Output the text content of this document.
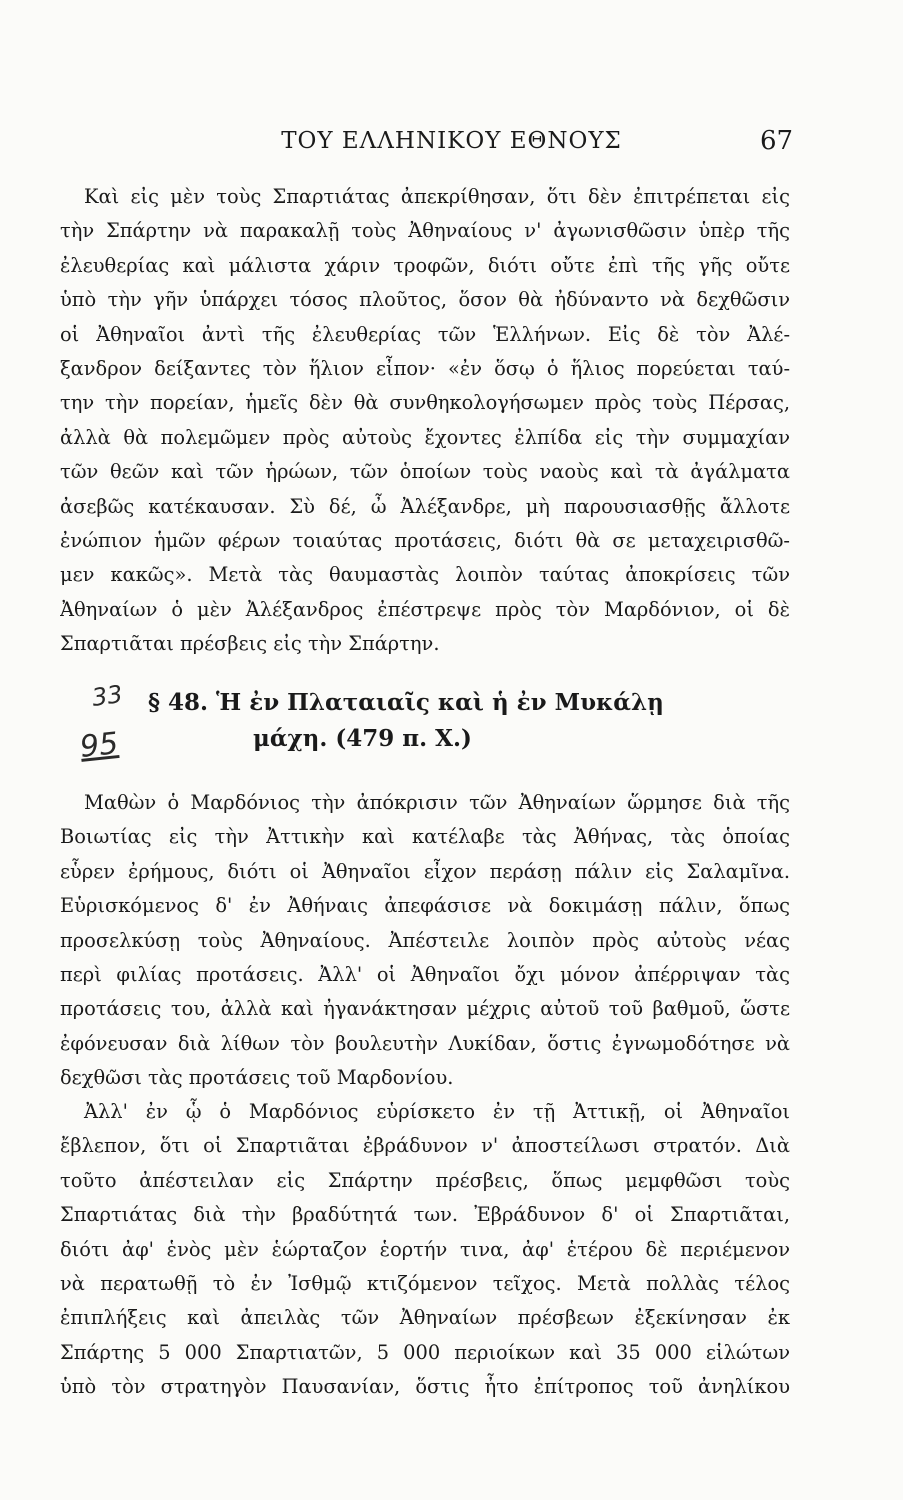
ΤΟΥ ΕΛΛΗΝΙΚΟΥ ΕΘΝΟΥΣ	67
Καὶ εἰς μὲν τοὺς Σπαρτιάτας ἀπεκρίθησαν, ὅτι δὲν ἐπιτρέπεται εἰς
τὴν Σπάρτην νὰ παρακαλῇ τοὺς Ἀθηναίους ν' ἀγωνισθῶσιν ὑπὲρ τῆς
ἐλευθερίας καὶ μάλιστα χάριν τροφῶν, διότι οὔτε ἐπὶ τῆς γῆς οὔτε
ὑπὸ τὴν γῆν ὑπάρχει τόσος πλοῦτος, ὅσον θὰ ἠδύναντο νὰ δεχθῶσιν
οἱ Ἀθηναῖοι ἀντὶ τῆς ἐλευθερίας τῶν Ἑλλήνων. Εἰς δὲ τὸν Ἀλέ-
ξανδρον δείξαντες τὸν ἥλιον εἶπον· «ἐν ὅσῳ ὁ ἥλιος πορεύεται ταύ-
την τὴν πορείαν, ἡμεῖς δὲν θὰ συνθηκολογήσωμεν πρὸς τοὺς Πέρσας,
ἀλλὰ θὰ πολεμῶμεν πρὸς αὐτοὺς ἔχοντες ἐλπίδα εἰς τὴν συμμαχίαν
τῶν θεῶν καὶ τῶν ἡρώων, τῶν ὁποίων τοὺς ναοὺς καὶ τὰ ἀγάλματα
ἀσεβῶς κατέκαυσαν. Σὺ δέ, ὦ Ἀλέξανδρε, μὴ παρουσιασθῇς ἄλλοτε
ἐνώπιον ἡμῶν φέρων τοιαύτας προτάσεις, διότι θὰ σε μεταχειρισθῶ-
μεν κακῶς». Μετὰ τὰς θαυμαστὰς λοιπὸν ταύτας ἀποκρίσεις τῶν
Ἀθηναίων ὁ μὲν Ἀλέξανδρος ἐπέστρεψε πρὸς τὸν Μαρδόνιον, οἱ δὲ
Σπαρτιᾶται πρέσβεις εἰς τὴν Σπάρτην.
33
95
§ 48. Ἡ ἐν Πλαταιαῖς καὶ ἡ ἐν Μυκάλῃ
μάχη. (479 π. Χ.)
Μαθὼν ὁ Μαρδόνιος τὴν ἀπόκρισιν τῶν Ἀθηναίων ὥρμησε διὰ τῆς
Βοιωτίας εἰς τὴν Ἀττικὴν καὶ κατέλαβε τὰς Ἀθήνας, τὰς ὁποίας
εὗρεν ἐρήμους, διότι οἱ Ἀθηναῖοι εἶχον περάσῃ πάλιν εἰς Σαλαμῖνα.
Εὑρισκόμενος δ' ἐν Ἀθήναις ἀπεφάσισε νὰ δοκιμάσῃ πάλιν, ὅπως
προσελκύσῃ τοὺς Ἀθηναίους. Ἀπέστειλε λοιπὸν πρὸς αὐτοὺς νέας
περὶ φιλίας προτάσεις. Ἀλλ' οἱ Ἀθηναῖοι ὄχι μόνον ἀπέρριψαν τὰς
προτάσεις του, ἀλλὰ καὶ ἠγανάκτησαν μέχρις αὐτοῦ τοῦ βαθμοῦ, ὥστε
ἐφόνευσαν διὰ λίθων τὸν βουλευτὴν Λυκίδαν, ὅστις ἐγνωμοδότησε νὰ
δεχθῶσι τὰς προτάσεις τοῦ Μαρδονίου.
Ἀλλ' ἐν ᾧ ὁ Μαρδόνιος εὑρίσκετο ἐν τῇ Ἀττικῇ, οἱ Ἀθηναῖοι
ἔβλεπον, ὅτι οἱ Σπαρτιᾶται ἐβράδυνον ν' ἀποστείλωσι στρατόν. Διὰ
τοῦτο ἀπέστειλαν εἰς Σπάρτην πρέσβεις, ὅπως μεμφθῶσι τοὺς
Σπαρτιάτας διὰ τὴν βραδύτητά των. Ἐβράδυνον δ' οἱ Σπαρτιᾶται,
διότι ἀφ' ἑνὸς μὲν ἑώρταζον ἑορτήν τινα, ἀφ' ἑτέρου δὲ περιέμενον
νὰ περατωθῇ τὸ ἐν Ἰσθμῷ κτιζόμενον τεῖχος. Μετὰ πολλὰς τέλος
ἐπιπλήξεις καὶ ἀπειλὰς τῶν Ἀθηναίων πρέσβεων ἐξεκίνησαν ἐκ
Σπάρτης 5 000 Σπαρτιατῶν, 5 000 περιοίκων καὶ 35 000 εἱλώτων
ὑπὸ τὸν στρατηγὸν Παυσανίαν, ὅστις ἦτο ἐπίτροπος τοῦ ἀνηλίκου
